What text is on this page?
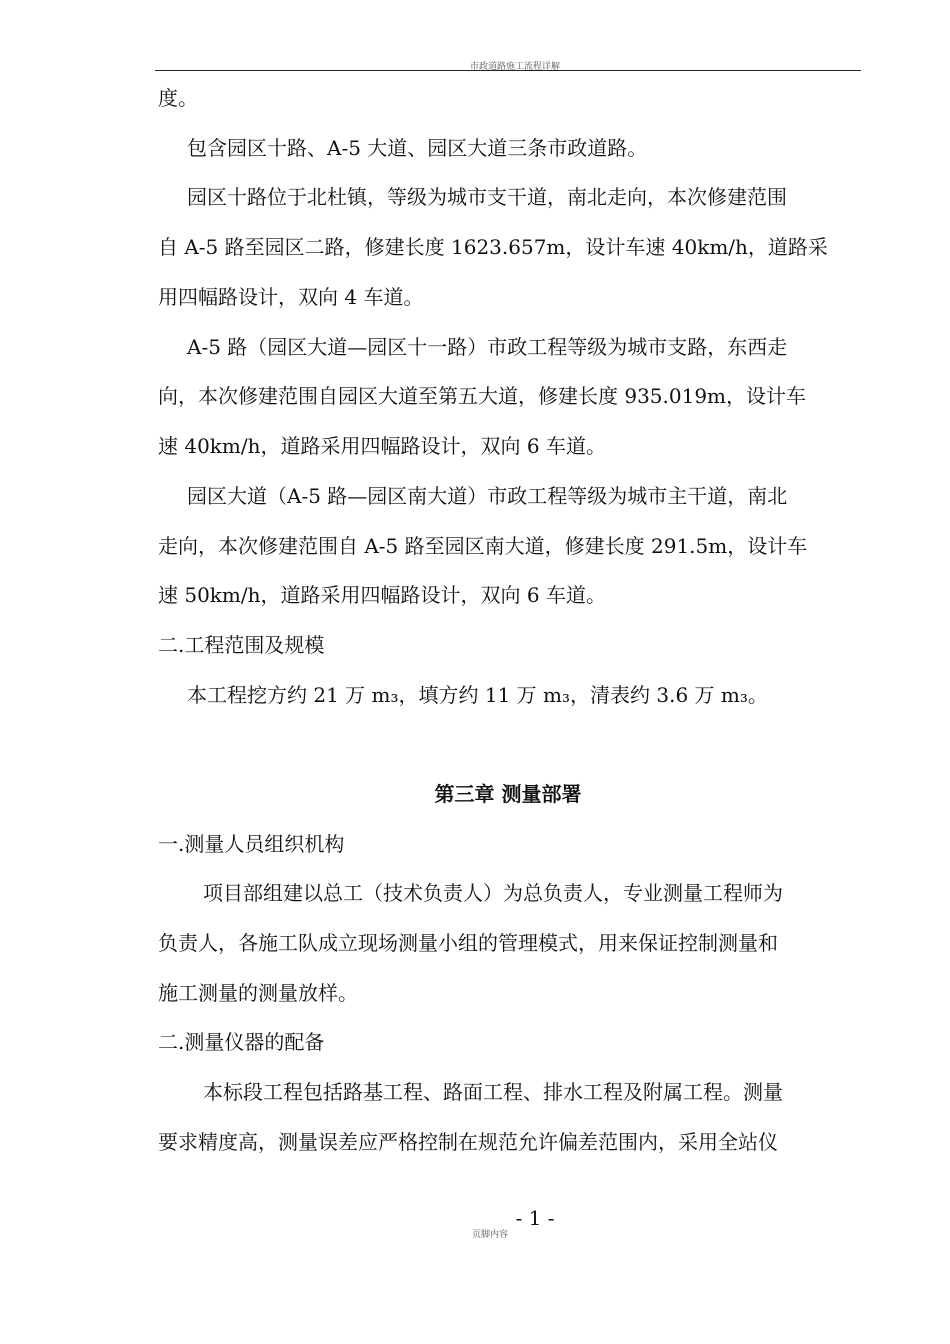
市政道路施工流程详解
度。
包含园区十路、A-5 大道、园区大道三条市政道路。
园区十路位于北杜镇，等级为城市支干道，南北走向，本次修建范围
自 A-5 路至园区二路，修建长度 1623.657m，设计车速 40km/h，道路采
用四幅路设计，双向 4 车道。
A-5 路（园区大道—园区十一路）市政工程等级为城市支路，东西走
向，本次修建范围自园区大道至第五大道，修建长度 935.019m，设计车
速 40km/h，道路采用四幅路设计，双向 6 车道。
园区大道（A-5 路—园区南大道）市政工程等级为城市主干道，南北
走向，本次修建范围自 A-5 路至园区南大道，修建长度 291.5m，设计车
速 50km/h，道路采用四幅路设计，双向 6 车道。
二.工程范围及规模
本工程挖方约 21 万 m₃，填方约 11 万 m₃，清表约 3.6 万 m₃。
第三章 测量部署
一.测量人员组织机构
项目部组建以总工（技术负责人）为总负责人，专业测量工程师为
负责人，各施工队成立现场测量小组的管理模式，用来保证控制测量和
施工测量的测量放样。
二.测量仪器的配备
本标段工程包括路基工程、路面工程、排水工程及附属工程。测量
要求精度高，测量误差应严格控制在规范允许偏差范围内，采用全站仪
- 1 -
页脚内容
